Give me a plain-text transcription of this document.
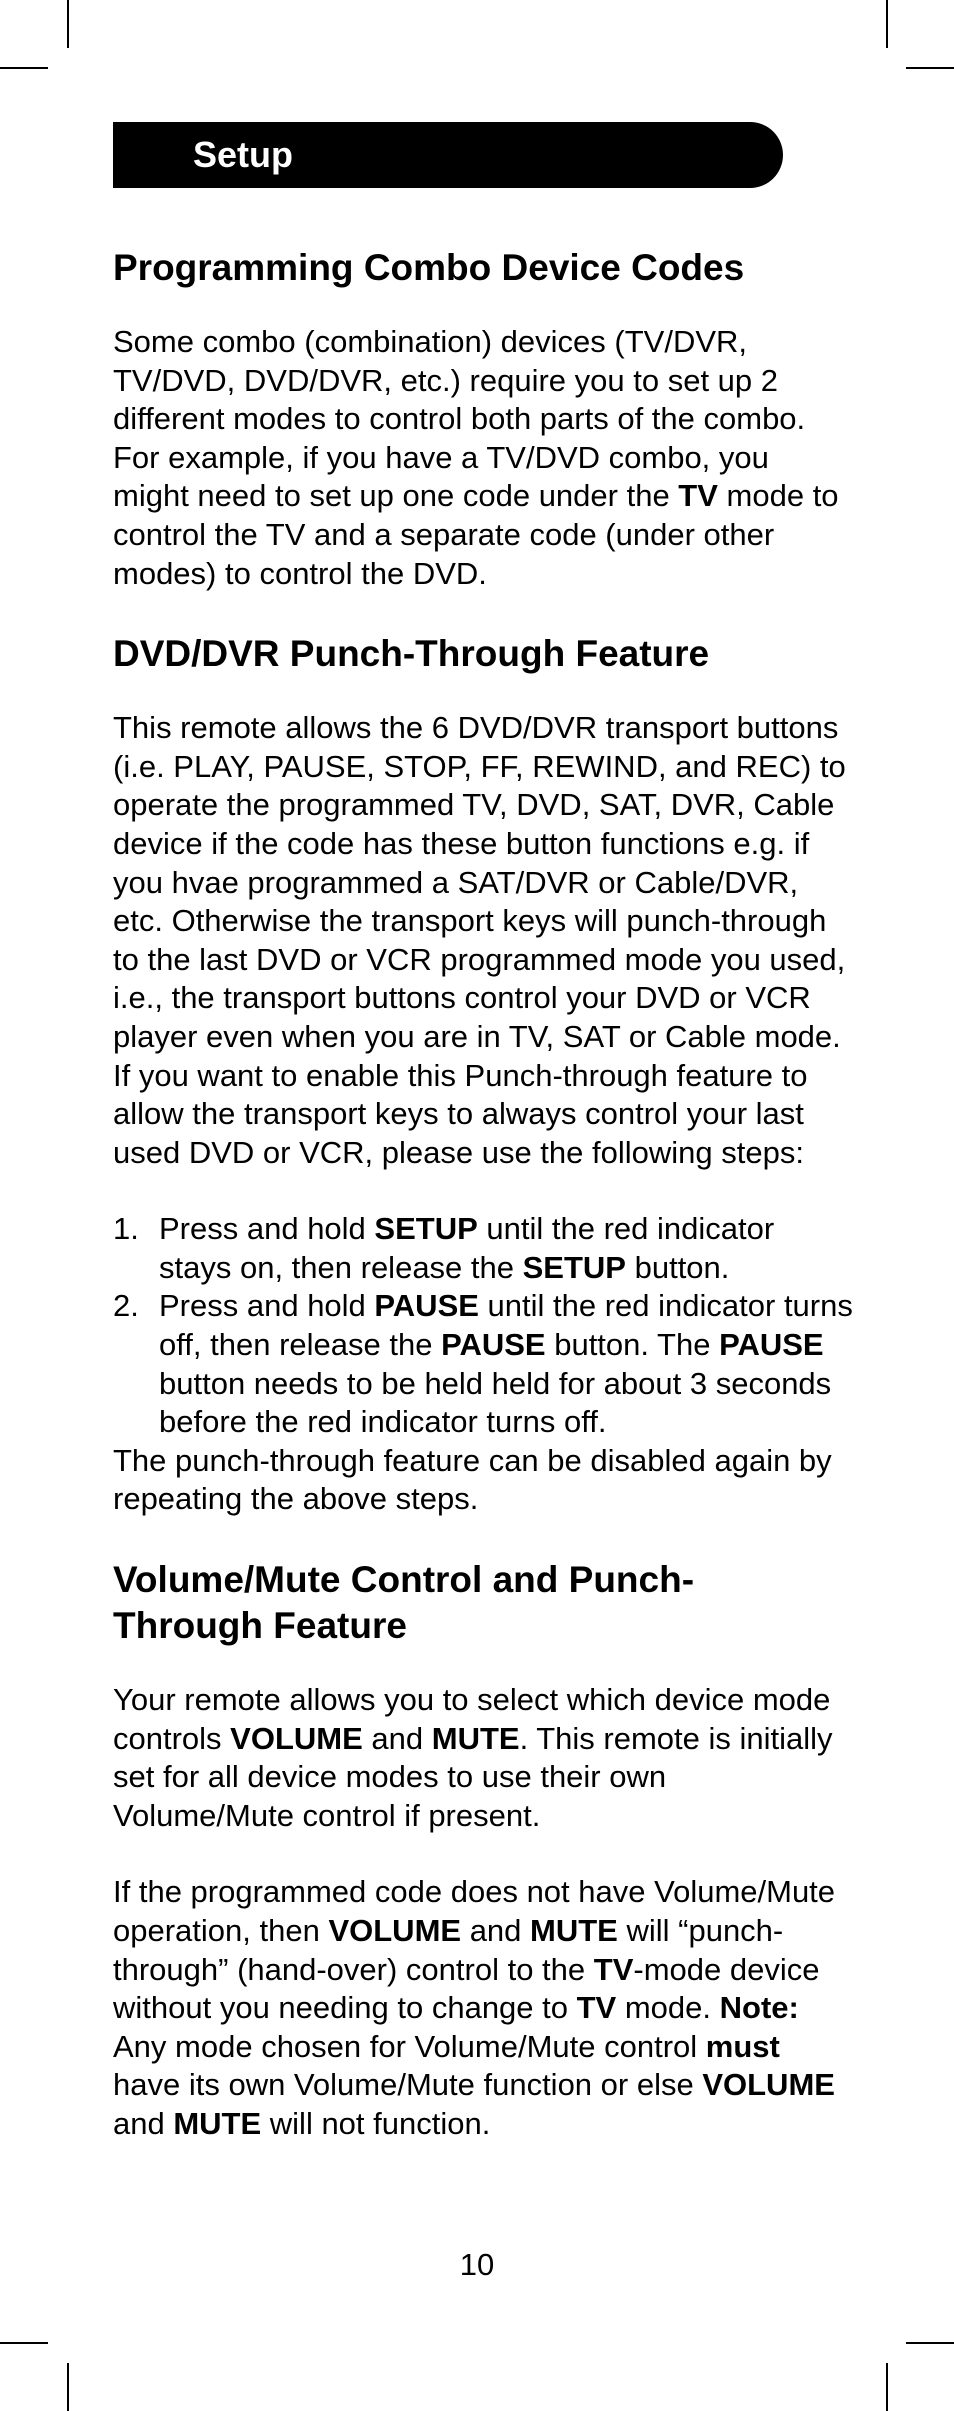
Setup
Programming Combo Device Codes

Some combo (combination) devices (TV/DVR, TV/DVD, DVD/DVR, etc.) require you to set up 2 different modes to control both parts of the combo. For example, if you have a TV/DVD combo, you might need to set up one code under the TV mode to control the TV and a separate code (under other modes) to control the DVD.

DVD/DVR Punch-Through Feature

This remote allows the 6 DVD/DVR transport buttons (i.e. PLAY, PAUSE, STOP, FF, REWIND, and REC) to operate the programmed TV, DVD, SAT, DVR, Cable device if the code has these button functions e.g. if you hvae programmed a SAT/DVR or Cable/DVR, etc. Otherwise the transport keys will punch-through to the last DVD or VCR programmed mode you used, i.e., the transport buttons control your DVD or VCR player even when you are in TV, SAT or Cable mode. If you want to enable this Punch-through feature to allow the transport keys to always control your last used DVD or VCR, please use the following steps:

1. Press and hold SETUP until the red indicator stays on, then release the SETUP button.
2. Press and hold PAUSE until the red indicator turns off, then release the PAUSE button. The PAUSE button needs to be held held for about 3 seconds before the red indicator turns off.

The punch-through feature can be disabled again by repeating the above steps.

Volume/Mute Control and Punch-
Through Feature

Your remote allows you to select which device mode controls VOLUME and MUTE. This remote is initially set for all device modes to use their own Volume/Mute control if present.

If the programmed code does not have Volume/Mute operation, then VOLUME and MUTE will “punch-through” (hand-over) control to the TV-mode device without you needing to change to TV mode. Note: Any mode chosen for Volume/Mute control must have its own Volume/Mute function or else VOLUME and MUTE will not function.

10
